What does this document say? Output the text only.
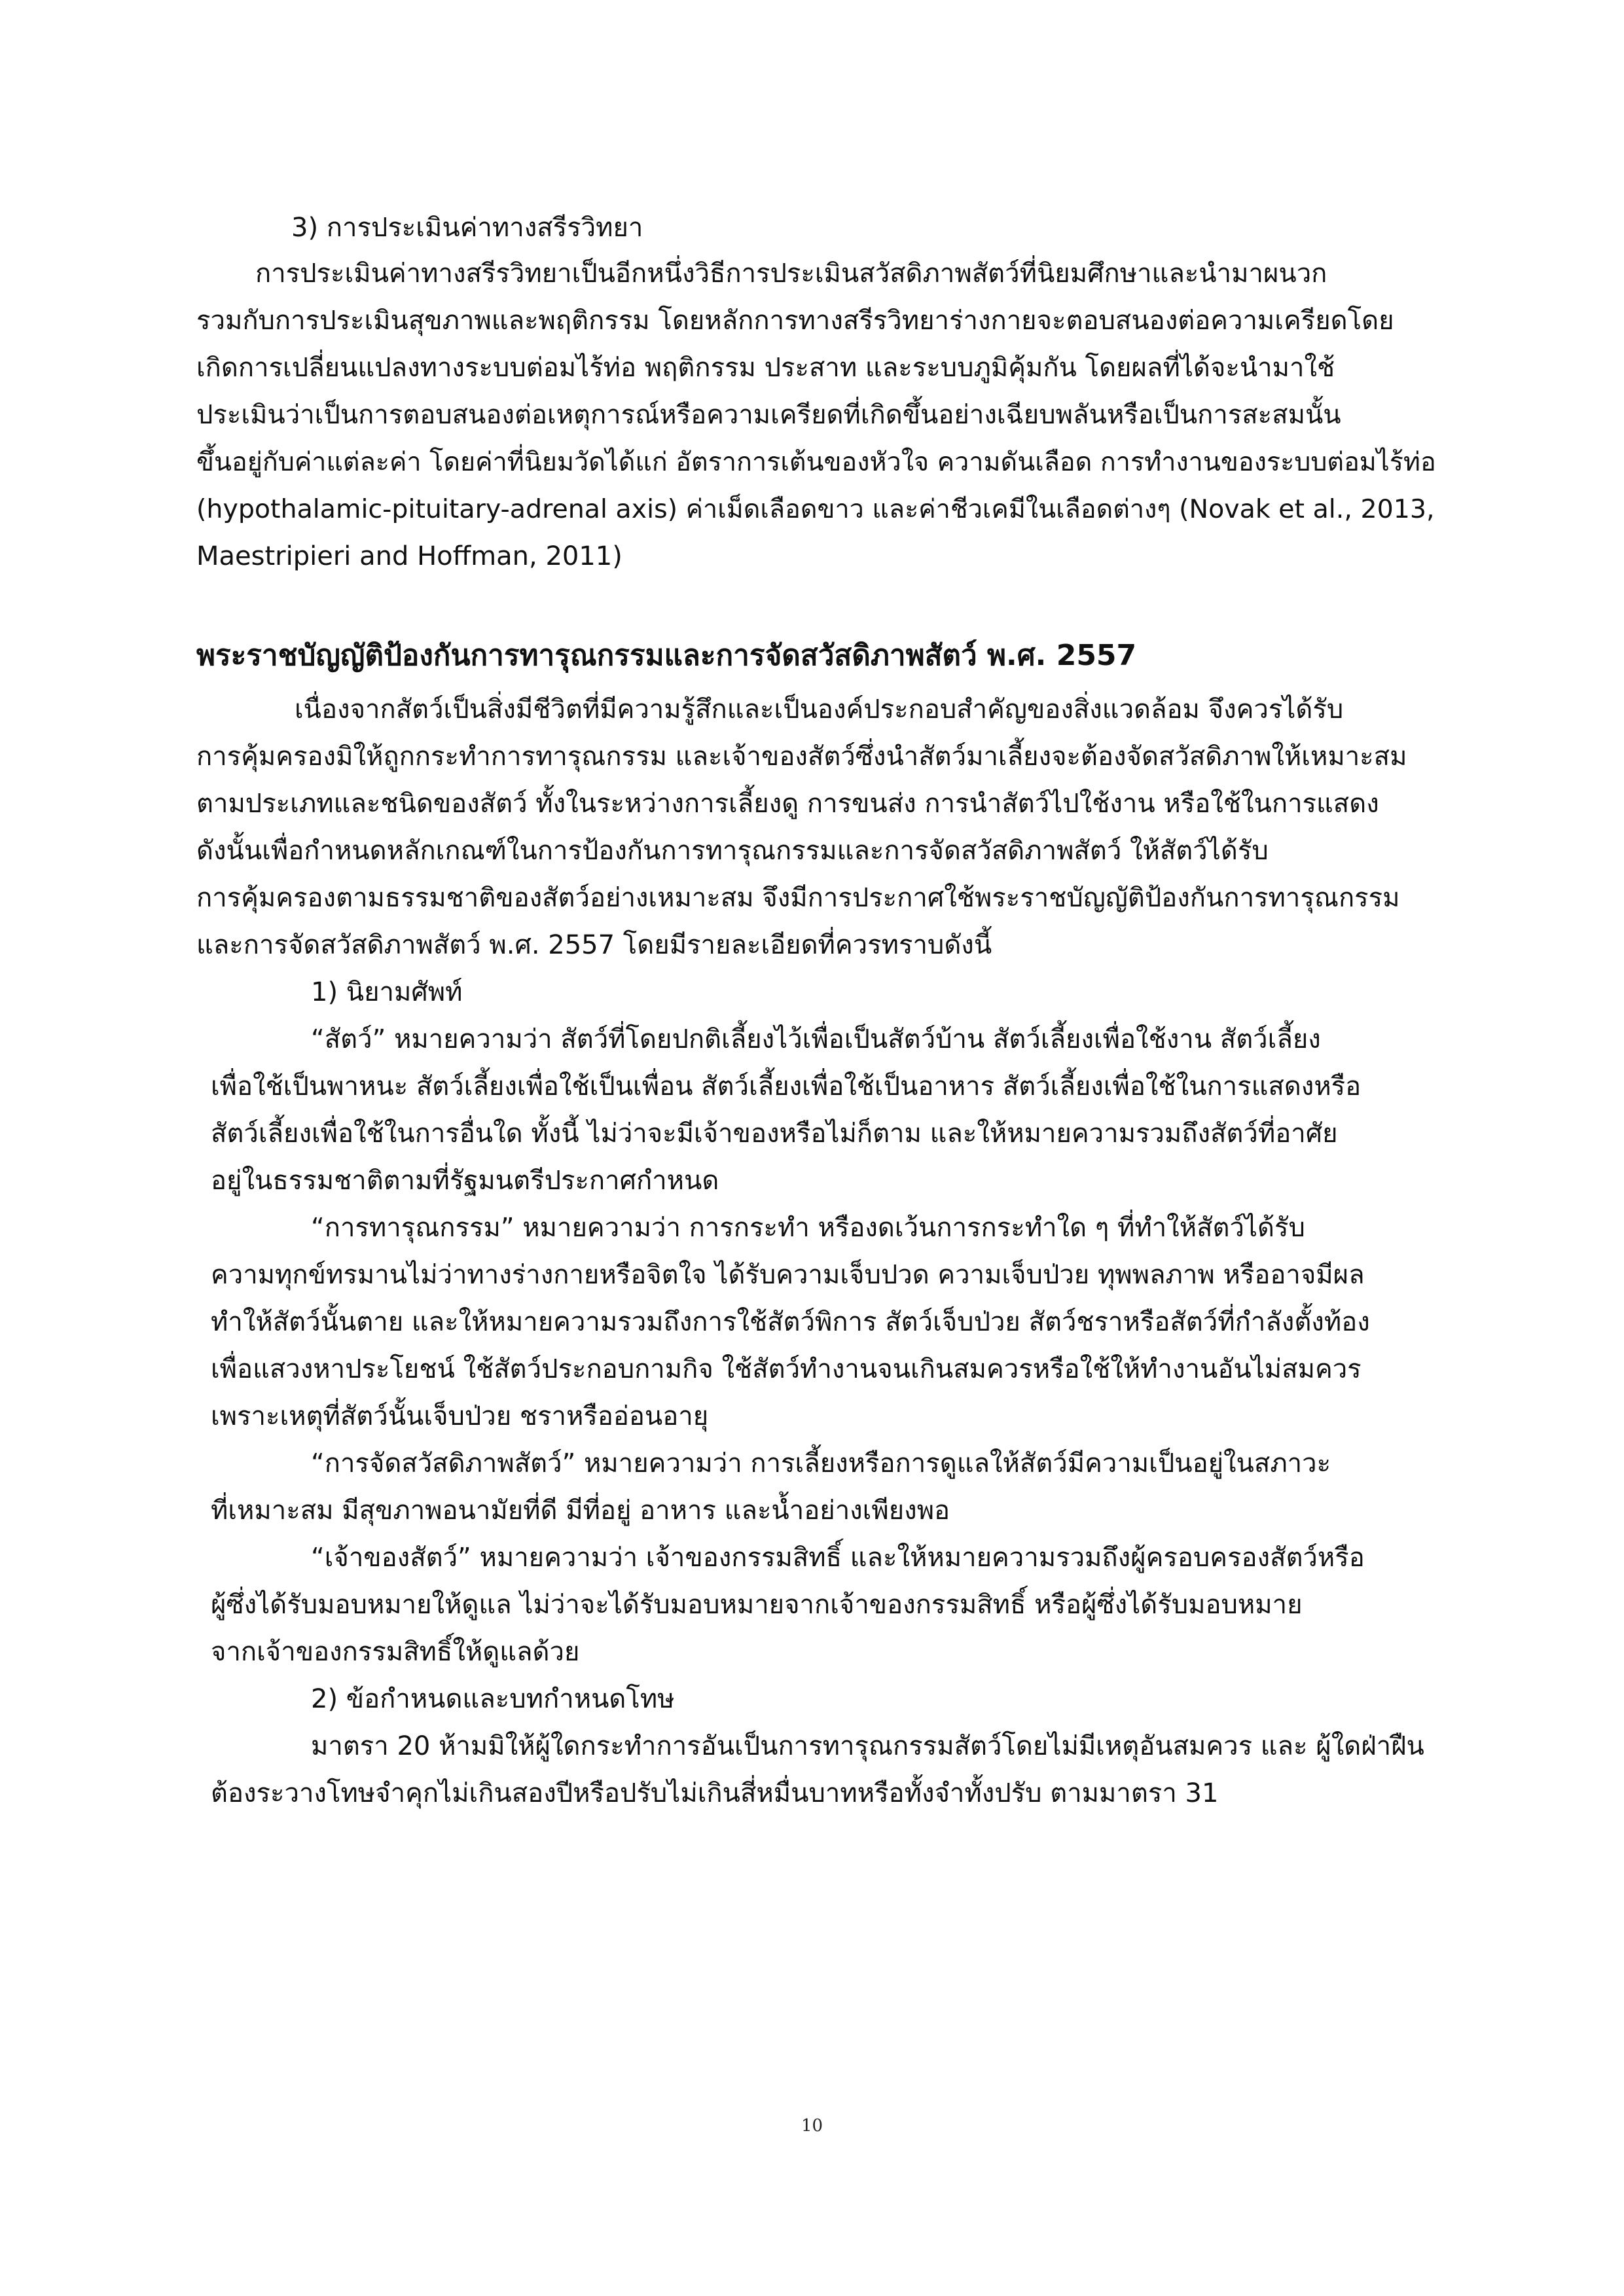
3) การประเมินค่าทางสรีรวิทยา

การประเมินค่าทางสรีรวิทยาเป็นอีกหนึ่งวิธีการประเมินสวัสดิภาพสัตว์ที่นิยมศึกษาและนำมาผนวก

รวมกับการประเมินสุขภาพและพฤติกรรม โดยหลักการทางสรีรวิทยาร่างกายจะตอบสนองต่อความเครียดโดย

เกิดการเปลี่ยนแปลงทางระบบต่อมไร้ท่อ พฤติกรรม ประสาท และระบบภูมิคุ้มกัน โดยผลที่ได้จะนำมาใช้

ประเมินว่าเป็นการตอบสนองต่อเหตุการณ์หรือความเครียดที่เกิดขึ้นอย่างเฉียบพลันหรือเป็นการสะสมนั้น

ขึ้นอยู่กับค่าแต่ละค่า โดยค่าที่นิยมวัดได้แก่ อัตราการเต้นของหัวใจ ความดันเลือด การทำงานของระบบต่อมไร้ท่อ

(hypothalamic-pituitary-adrenal axis) ค่าเม็ดเลือดขาว และค่าชีวเคมีในเลือดต่างๆ (Novak et al., 2013,

Maestripieri and Hoffman, 2011)

พระราชบัญญัติป้องกันการทารุณกรรมและการจัดสวัสดิภาพสัตว์ พ.ศ. 2557

เนื่องจากสัตว์เป็นสิ่งมีชีวิตที่มีความรู้สึกและเป็นองค์ประกอบสำคัญของสิ่งแวดล้อม จึงควรได้รับ

การคุ้มครองมิให้ถูกกระทำการทารุณกรรม และเจ้าของสัตว์ซึ่งนำสัตว์มาเลี้ยงจะต้องจัดสวัสดิภาพให้เหมาะสม

ตามประเภทและชนิดของสัตว์ ทั้งในระหว่างการเลี้ยงดู การขนส่ง การนำสัตว์ไปใช้งาน หรือใช้ในการแสดง

ดังนั้นเพื่อกำหนดหลักเกณฑ์ในการป้องกันการทารุณกรรมและการจัดสวัสดิภาพสัตว์ ให้สัตว์ได้รับ

การคุ้มครองตามธรรมชาติของสัตว์อย่างเหมาะสม จึงมีการประกาศใช้พระราชบัญญัติป้องกันการทารุณกรรม

และการจัดสวัสดิภาพสัตว์ พ.ศ. 2557 โดยมีรายละเอียดที่ควรทราบดังนี้

1) นิยามศัพท์

“สัตว์” หมายความว่า สัตว์ที่โดยปกติเลี้ยงไว้เพื่อเป็นสัตว์บ้าน สัตว์เลี้ยงเพื่อใช้งาน สัตว์เลี้ยง

เพื่อใช้เป็นพาหนะ สัตว์เลี้ยงเพื่อใช้เป็นเพื่อน สัตว์เลี้ยงเพื่อใช้เป็นอาหาร สัตว์เลี้ยงเพื่อใช้ในการแสดงหรือ

สัตว์เลี้ยงเพื่อใช้ในการอื่นใด ทั้งนี้ ไม่ว่าจะมีเจ้าของหรือไม่ก็ตาม และให้หมายความรวมถึงสัตว์ที่อาศัย

อยู่ในธรรมชาติตามที่รัฐมนตรีประกาศกำหนด

“การทารุณกรรม” หมายความว่า การกระทำ หรืองดเว้นการกระทำใด ๆ ที่ทำให้สัตว์ได้รับ

ความทุกข์ทรมานไม่ว่าทางร่างกายหรือจิตใจ ได้รับความเจ็บปวด ความเจ็บป่วย ทุพพลภาพ หรืออาจมีผล

ทำให้สัตว์นั้นตาย และให้หมายความรวมถึงการใช้สัตว์พิการ สัตว์เจ็บป่วย สัตว์ชราหรือสัตว์ที่กำลังตั้งท้อง

เพื่อแสวงหาประโยชน์ ใช้สัตว์ประกอบกามกิจ ใช้สัตว์ทำงานจนเกินสมควรหรือใช้ให้ทำงานอันไม่สมควร

เพราะเหตุที่สัตว์นั้นเจ็บป่วย ชราหรืออ่อนอายุ

“การจัดสวัสดิภาพสัตว์” หมายความว่า การเลี้ยงหรือการดูแลให้สัตว์มีความเป็นอยู่ในสภาวะ

ที่เหมาะสม มีสุขภาพอนามัยที่ดี มีที่อยู่ อาหาร และน้ำอย่างเพียงพอ

“เจ้าของสัตว์” หมายความว่า เจ้าของกรรมสิทธิ์ และให้หมายความรวมถึงผู้ครอบครองสัตว์หรือ

ผู้ซึ่งได้รับมอบหมายให้ดูแล ไม่ว่าจะได้รับมอบหมายจากเจ้าของกรรมสิทธิ์ หรือผู้ซึ่งได้รับมอบหมาย

จากเจ้าของกรรมสิทธิ์ให้ดูแลด้วย

2) ข้อกำหนดและบทกำหนดโทษ

มาตรา 20 ห้ามมิให้ผู้ใดกระทำการอันเป็นการทารุณกรรมสัตว์โดยไม่มีเหตุอันสมควร และ ผู้ใดฝ่าฝืน

ต้องระวางโทษจำคุกไม่เกินสองปีหรือปรับไม่เกินสี่หมื่นบาทหรือทั้งจำทั้งปรับ ตามมาตรา 31

10
